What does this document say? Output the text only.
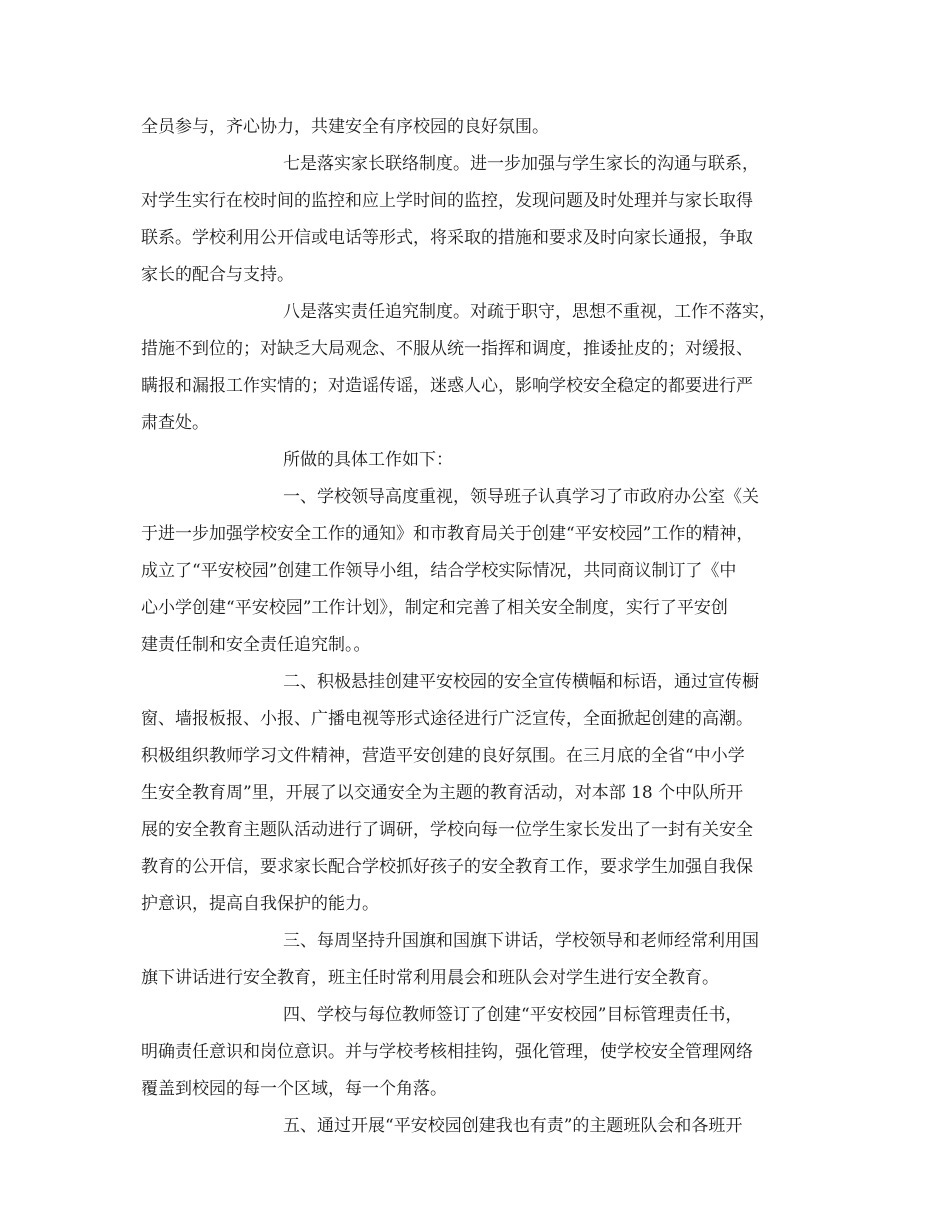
全员参与，齐心协力，共建安全有序校园的良好氛围。
七是落实家长联络制度。进一步加强与学生家长的沟通与联系，
对学生实行在校时间的监控和应上学时间的监控，发现问题及时处理并与家长取得
联系。学校利用公开信或电话等形式，将采取的措施和要求及时向家长通报，争取
家长的配合与支持。
八是落实责任追究制度。对疏于职守，思想不重视，工作不落实，
措施不到位的；对缺乏大局观念、不服从统一指挥和调度，推诿扯皮的；对缓报、
瞒报和漏报工作实情的；对造谣传谣，迷惑人心，影响学校安全稳定的都要进行严
肃查处。
所做的具体工作如下：
一、学校领导高度重视，领导班子认真学习了市政府办公室《关
于进一步加强学校安全工作的通知》和市教育局关于创建“平安校园”工作的精神，
成立了“平安校园”创建工作领导小组，结合学校实际情况，共同商议制订了《中
心小学创建“平安校园”工作计划》，制定和完善了相关安全制度，实行了平安创
建责任制和安全责任追究制。。
二、积极悬挂创建平安校园的安全宣传横幅和标语，通过宣传橱
窗、墙报板报、小报、广播电视等形式途径进行广泛宣传，全面掀起创建的高潮。
积极组织教师学习文件精神，营造平安创建的良好氛围。在三月底的全省“中小学
生安全教育周”里，开展了以交通安全为主题的教育活动，对本部 18 个中队所开
展的安全教育主题队活动进行了调研，学校向每一位学生家长发出了一封有关安全
教育的公开信，要求家长配合学校抓好孩子的安全教育工作，要求学生加强自我保
护意识，提高自我保护的能力。
三、每周坚持升国旗和国旗下讲话，学校领导和老师经常利用国
旗下讲话进行安全教育，班主任时常利用晨会和班队会对学生进行安全教育。
四、学校与每位教师签订了创建“平安校园”目标管理责任书，
明确责任意识和岗位意识。并与学校考核相挂钩，强化管理，使学校安全管理网络
覆盖到校园的每一个区域，每一个角落。
五、通过开展“平安校园创建我也有责”的主题班队会和各班开
